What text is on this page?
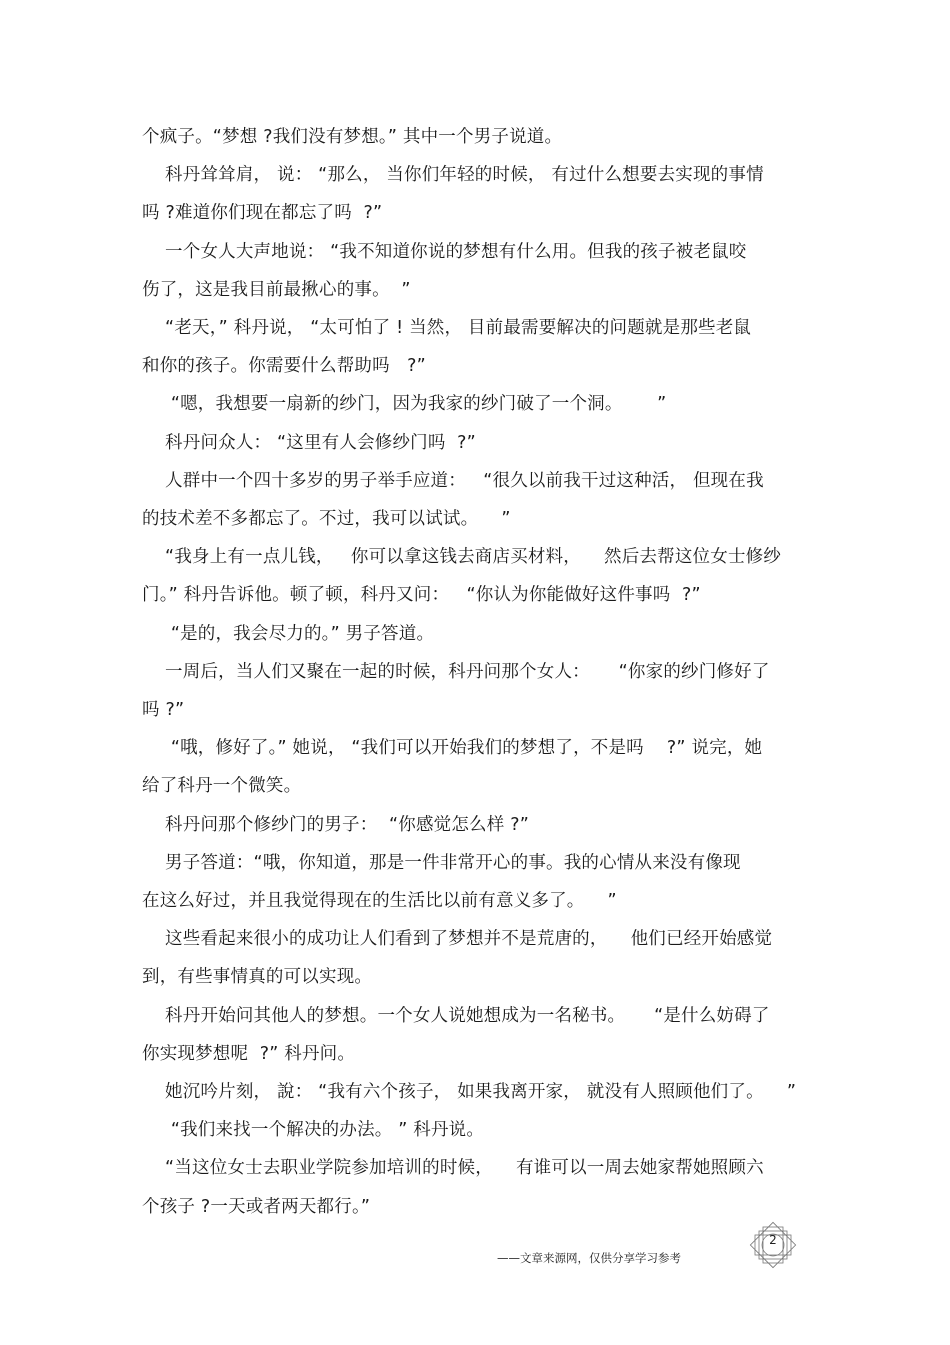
个疯子。“梦想 ?我们没有梦想。” 其中一个男子说道。
科丹耸耸肩， 说： “那么， 当你们年轻的时候， 有过什么想要去实现的事情
吗 ?难道你们现在都忘了吗  ?”
一个女人大声地说： “我不知道你说的梦想有什么用。但我的孩子被老鼠咬
伤了，这是我目前最揪心的事。  ”
“老天，” 科丹说， “太可怕了 ! 当然， 目前最需要解决的问题就是那些老鼠
和你的孩子。你需要什么帮助吗   ?”
“嗯，我想要一扇新的纱门，因为我家的纱门破了一个洞。      ”
科丹问众人： “这里有人会修纱门吗  ?”
人群中一个四十多岁的男子举手应道：   “很久以前我干过这种活， 但现在我
的技术差不多都忘了。不过，我可以试试。    ”
“我身上有一点儿钱，   你可以拿这钱去商店买材料，    然后去帮这位女士修纱
门。” 科丹告诉他。顿了顿，科丹又问：   “你认为你能做好这件事吗  ?”
“是的，我会尽力的。” 男子答道。
一周后，当人们又聚在一起的时候，科丹问那个女人：     “你家的纱门修好了
吗 ?”
“哦，修好了。” 她说， “我们可以开始我们的梦想了，不是吗    ?” 说完，她
给了科丹一个微笑。
科丹问那个修纱门的男子：  “你感觉怎么样 ?”
男子答道：“哦，你知道，那是一件非常开心的事。我的心情从来没有像现
在这么好过，并且我觉得现在的生活比以前有意义多了。    ”
这些看起来很小的成功让人们看到了梦想并不是荒唐的，    他们已经开始感觉
到，有些事情真的可以实现。
科丹开始问其他人的梦想。一个女人说她想成为一名秘书。     “是什么妨碍了
你实现梦想呢  ?” 科丹问。
她沉吟片刻， 說： “我有六个孩子， 如果我离开家， 就没有人照顾他们了。    ”
“我们来找一个解决的办法。 ” 科丹说。
“当这位女士去职业学院参加培训的时候，    有谁可以一周去她家帮她照顾六
个孩子 ?一天或者两天都行。”
2
——文章来源网，仅供分享学习参考
